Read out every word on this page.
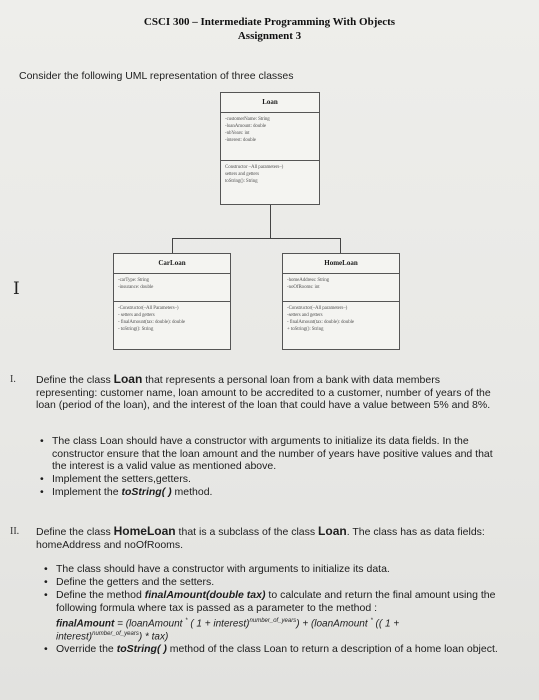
CSCI 300 – Intermediate Programming With Objects
Assignment 3
Consider the following UML representation of three classes
Loan
-customerName: String
-loanAmount: double
-nbYears: int
-interest: double
Constructor –All parameters–)
setters and getters
toString(): String
CarLoan
-carType: String
-insurance: double
-Constructor(–All Parameters–)
- setters and getters
- finalAmount(tax: double): double
- toString(): String
HomeLoan
-homeAddress: String
-noOfRooms: int
-Constructor(–All parameters–)
-setters and getters
- finalAmount(tax: double): double
+ toString(): String
I
I. Define the class Loan that represents a personal loan from a bank with data members representing: customer name, loan amount to be accredited to a customer, number of years of the loan (period of the loan), and the interest of the loan that could have a value between 5% and 8%.
• The class Loan should have a constructor with arguments to initialize its data fields. In the constructor ensure that the loan amount and the number of years have positive values and that the interest is a valid value as mentioned above.
• Implement the setters,getters.
• Implement the toString( ) method.
II. Define the class HomeLoan that is a subclass of the class Loan. The class has as data fields: homeAddress and noOfRooms.
• The class should have a constructor with arguments to initialize its data.
• Define the getters and the setters.
• Define the method finalAmount(double tax) to calculate and return the final amount using the following formula where tax is passed as a parameter to the method :
finalAmount = (loanAmount * ( 1 + interest)$^{number\_of\_years}$) + (loanAmount * (( 1 +
interest)$^{number\_of\_years}$) * tax)
• Override the toString( ) method of the class Loan to return a description of a home loan object.
